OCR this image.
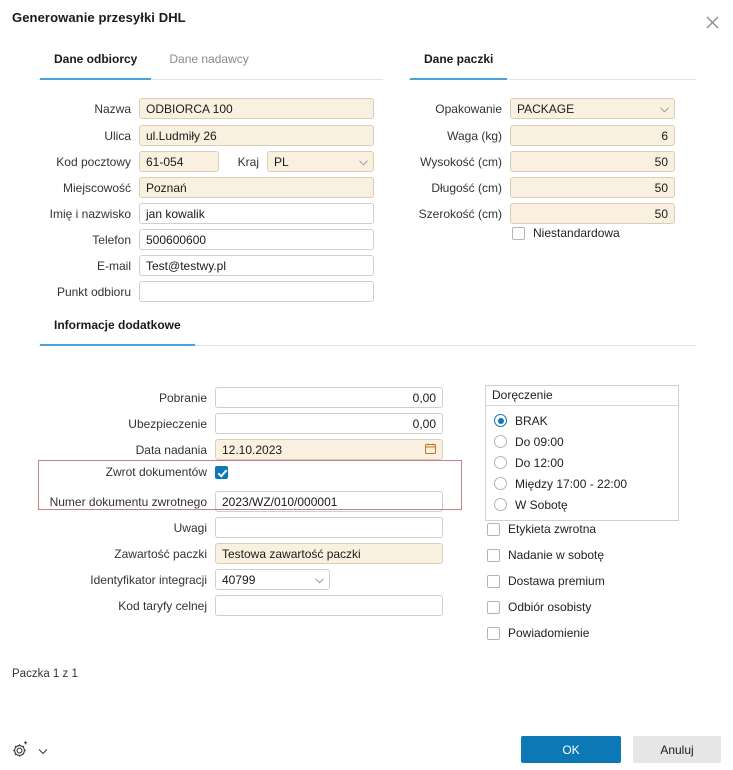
Generowanie przesyłki DHL
Dane odbiorcy	Dane nadawcy	Dane paczki
Informacje dodatkowe
Nazwa	ODBIORCA 100
Ulica	ul.Ludmiły 26
Kod pocztowy	61-054	Kraj	PL
Miejscowość	Poznań
Imię i nazwisko	jan kowalik
Telefon	500600600
E-mail	Test@testwy.pl
Punkt odbioru
Opakowanie	PACKAGE
Waga (kg)	6
Wysokość (cm)	50
Długość (cm)	50
Szerokość (cm)	50
Niestandardowa
Pobranie	0,00
Ubezpieczenie	0,00
Data nadania	12.10.2023
Zwrot dokumentów
Numer dokumentu zwrotnego	2023/WZ/010/000001
Uwagi
Zawartość paczki	Testowa zawartość paczki
Identyfikator integracji	40799
Kod taryfy celnej
Doręczenie
BRAK
Do 09:00
Do 12:00
Między 17:00 - 22:00
W Sobotę
Etykieta zwrotna
Nadanie w sobotę
Dostawa premium
Odbiór osobisty
Powiadomienie
Paczka 1 z 1
OK	Anuluj
